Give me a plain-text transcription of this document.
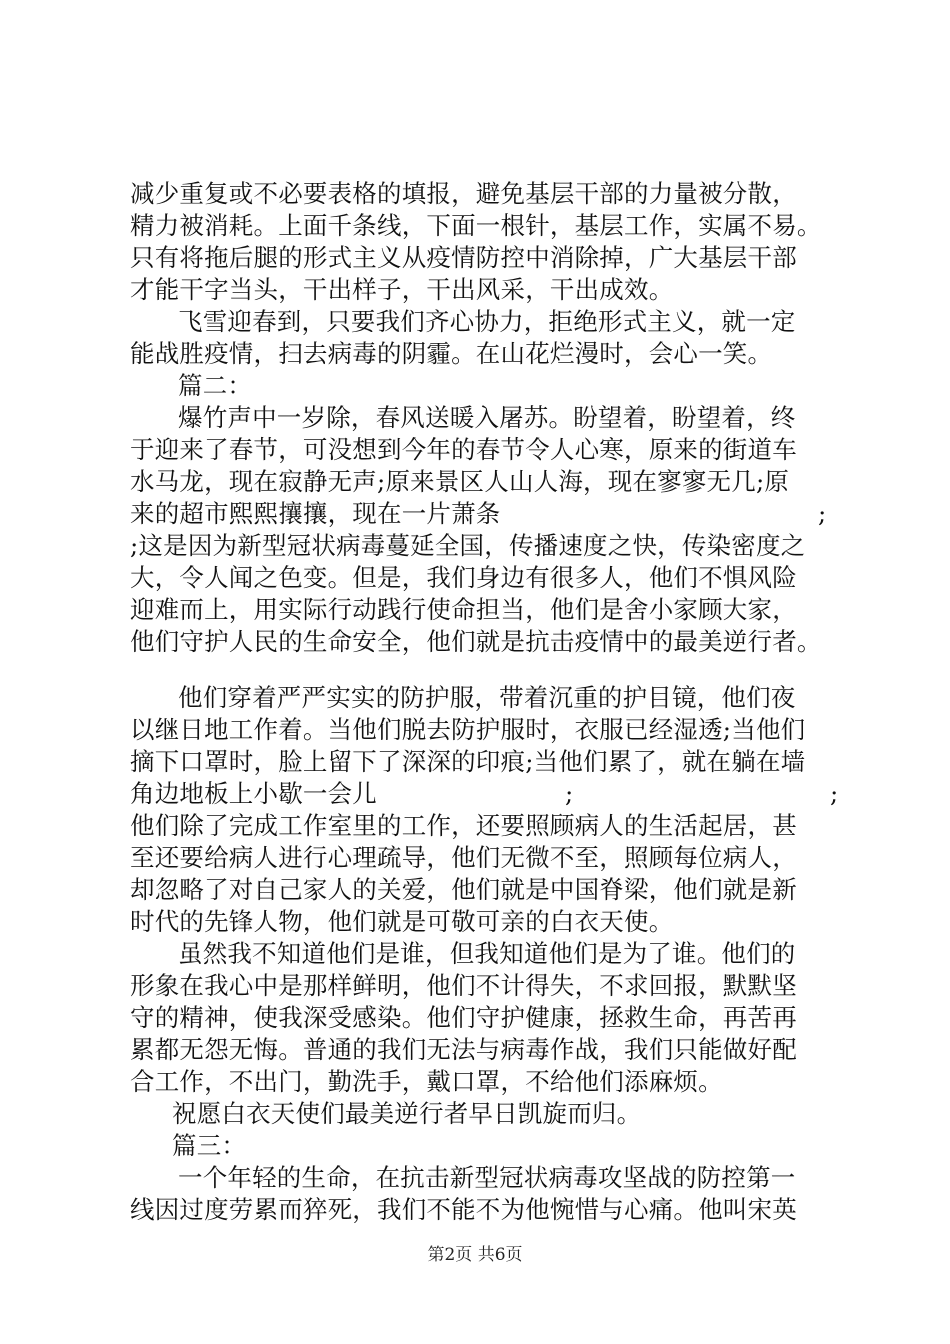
减少重复或不必要表格的填报，避免基层干部的力量被分散，
精力被消耗。上面千条线，下面一根针，基层工作，实属不易。
只有将拖后腿的形式主义从疫情防控中消除掉，广大基层干部
才能干字当头，干出样子，干出风采，干出成效。
飞雪迎春到，只要我们齐心协力，拒绝形式主义，就一定
能战胜疫情，扫去病毒的阴霾。在山花烂漫时，会心一笑。
篇二：
爆竹声中一岁除，春风送暖入屠苏。盼望着，盼望着，终
于迎来了春节，可没想到今年的春节令人心寒，原来的街道车
水马龙，现在寂静无声;原来景区人山人海，现在寥寥无几;原
来的超市熙熙攘攘，现在一片萧条	;
;这是因为新型冠状病毒蔓延全国，传播速度之快，传染密度之
大，令人闻之色变。但是，我们身边有很多人，他们不惧风险
迎难而上，用实际行动践行使命担当，他们是舍小家顾大家，
他们守护人民的生命安全，他们就是抗击疫情中的最美逆行者。
他们穿着严严实实的防护服，带着沉重的护目镜，他们夜
以继日地工作着。当他们脱去防护服时，衣服已经湿透;当他们
摘下口罩时，脸上留下了深深的印痕;当他们累了，就在躺在墙
角边地板上小歇一会儿	;	;
他们除了完成工作室里的工作，还要照顾病人的生活起居，甚
至还要给病人进行心理疏导，他们无微不至，照顾每位病人，
却忽略了对自己家人的关爱，他们就是中国脊梁，他们就是新
时代的先锋人物，他们就是可敬可亲的白衣天使。
虽然我不知道他们是谁，但我知道他们是为了谁。他们的
形象在我心中是那样鲜明，他们不计得失，不求回报，默默坚
守的精神，使我深受感染。他们守护健康，拯救生命，再苦再
累都无怨无悔。普通的我们无法与病毒作战，我们只能做好配
合工作，不出门，勤洗手，戴口罩，不给他们添麻烦。
祝愿白衣天使们最美逆行者早日凯旋而归。
篇三：
一个年轻的生命，在抗击新型冠状病毒攻坚战的防控第一
线因过度劳累而猝死，我们不能不为他惋惜与心痛。他叫宋英
第2页 共6页
